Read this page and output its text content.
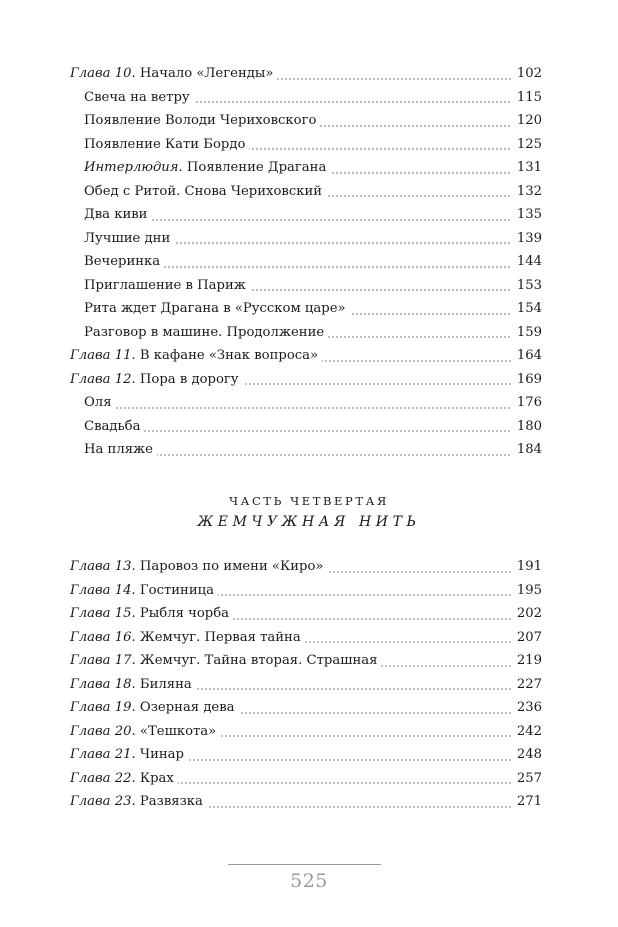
Глава 10. Начало «Легенды»	102
Свеча на ветру	115
Появление Володи Чериховского	120
Появление Кати Бордо	125
Интерлюдия. Появление Драгана	131
Обед с Ритой. Снова Чериховский	132
Два киви	135
Лучшие дни	139
Вечеринка	144
Приглашение в Париж	153
Рита ждет Драгана в «Русском царе»	154
Разговор в машине. Продолжение	159
Глава 11. В кафане «Знак вопроса»	164
Глава 12. Пора в дорогу	169
Оля	176
Свадьба	180
На пляже	184
ЧАСТЬ ЧЕТВЕРТАЯ
ЖЕМЧУЖНАЯ НИТЬ
Глава 13. Паровоз по имени «Киро»	191
Глава 14. Гостиница	195
Глава 15. Рыбля чорба	202
Глава 16. Жемчуг. Первая тайна	207
Глава 17. Жемчуг. Тайна вторая. Страшная	219
Глава 18. Биляна	227
Глава 19. Озерная дева	236
Глава 20. «Тешкота»	242
Глава 21. Чинар	248
Глава 22. Крах	257
Глава 23. Развязка	271
525
